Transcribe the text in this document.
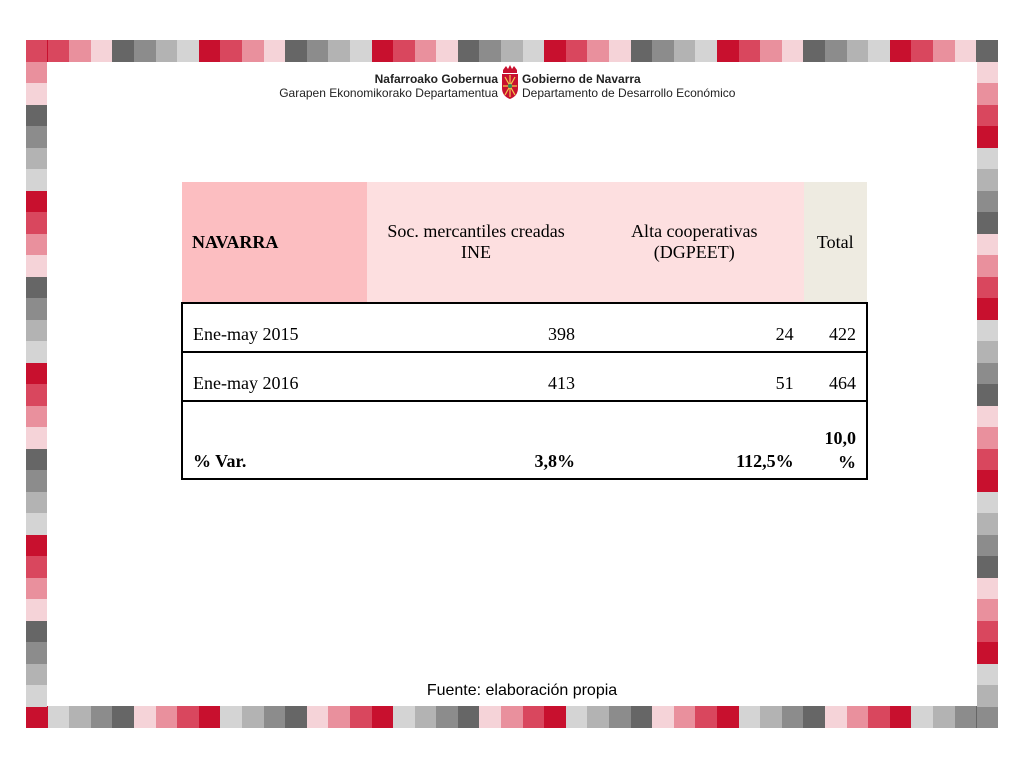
Nafarroako Gobernua
Garapen Ekonomikorako Departamentua
Gobierno de Navarra
Departamento de Desarrollo Económico
NAVARRA	Soc. mercantiles creadas INE	Alta cooperativas (DGPEET)	Total
Ene-may 2015	398	24	422
Ene-may 2016	413	51	464
% Var.	3,8%	112,5%	10,0 %
Fuente: elaboración propia
